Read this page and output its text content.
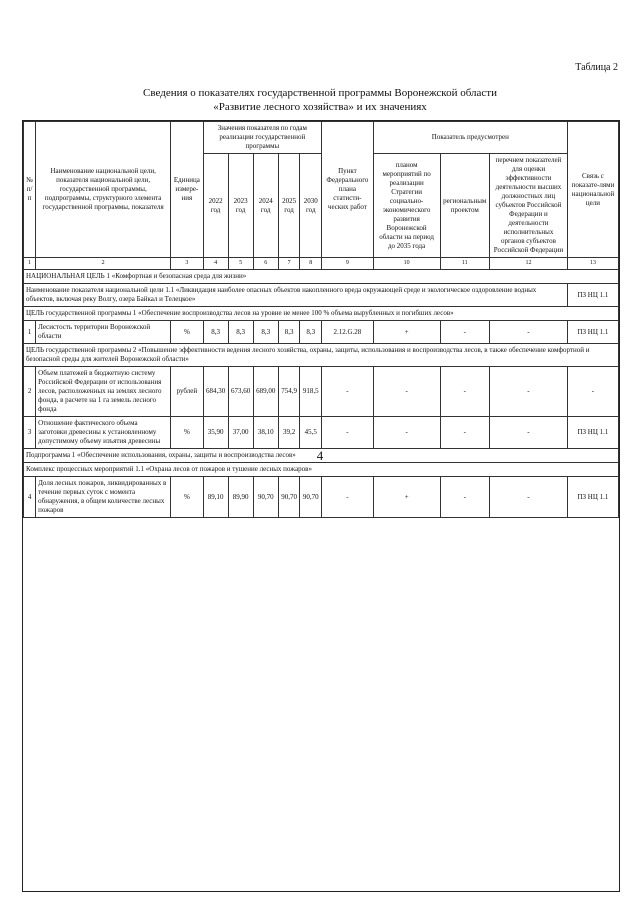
4
Таблица 2
Сведения о показателях государственной программы Воронежской области
«Развитие лесного хозяйства» и их значениях
№ п/п	Наименование национальной цели, показателя национальной цели, государственной программы, подпрограммы, структурного элемента государственной программы, показателя	Единица измере-ния	Значения показателя по годам реализации государственной программы					Пункт Федерального плана статисти-ческих работ	Показатель предусмотрен			Связь с показате-лями национальной цели
			2022 год	2023 год	2024 год	2025 год	2030 год		планом мероприятий по реализации Стратегии социально-экономического развития Воронежской области на период до 2035 года	региональным проектом	перечнем показателей для оценки эффективности деятельности высших должностных лиц субъектов Российской Федерации и деятельности исполнительных органов субъектов Российской Федерации	
1	2	3	4	5	6	7	8	9	10	11	12	13
НАЦИОНАЛЬНАЯ ЦЕЛЬ 1 «Комфортная и безопасная среда для жизни»												
Наименование показателя национальной цели 1.1 «Ликвидация наиболее опасных объектов накопленного вреда окружающей среде и экологическое оздоровление водных объектов, включая реку Волгу, озера Байкал и Телецкое»												ПЗ НЦ 1.1
ЦЕЛЬ государственной программы 1 «Обеспечение воспроизводства лесов на уровне не менее 100 % объема вырубленных и погибших лесов»												
1	Лесистость территории Воронежской области	%	8,3	8,3	8,3	8,3	8,3	2.12.G.28	+	-	-	ПЗ НЦ 1.1
ЦЕЛЬ государственной программы 2 «Повышение эффективности ведения лесного хозяйства, охраны, защиты, использования и воспроизводства лесов, в также обеспечение комфортной и безопасной среды для жителей Воронежской области»												
2	Объем платежей в бюджетную систему Российской Федерации от использования лесов, расположенных на землях лесного фонда, в расчете на 1 га земель лесного фонда	рублей	684,30	673,60	689,00	754,9	918,5	-	-	-	-	-
3	Отношение фактического объема заготовки древесины к установленному допустимому объему изъятия древесины	%	35,90	37,00	38,10	39,2	45,5	-	-	-	-	ПЗ НЦ 1.1
Подпрограмма 1 «Обеспечение использования, охраны, защиты и воспроизводства лесов»												
Комплекс процессных мероприятий 1.1 «Охрана лесов от пожаров и тушение лесных пожаров»												
4	Доля лесных пожаров, ликвидированных в течение первых суток с момента обнаружения, в общем количестве лесных пожаров	%	89,10	89,90	90,70	90,70	90,70	-	+	-	-	ПЗ НЦ 1.1
